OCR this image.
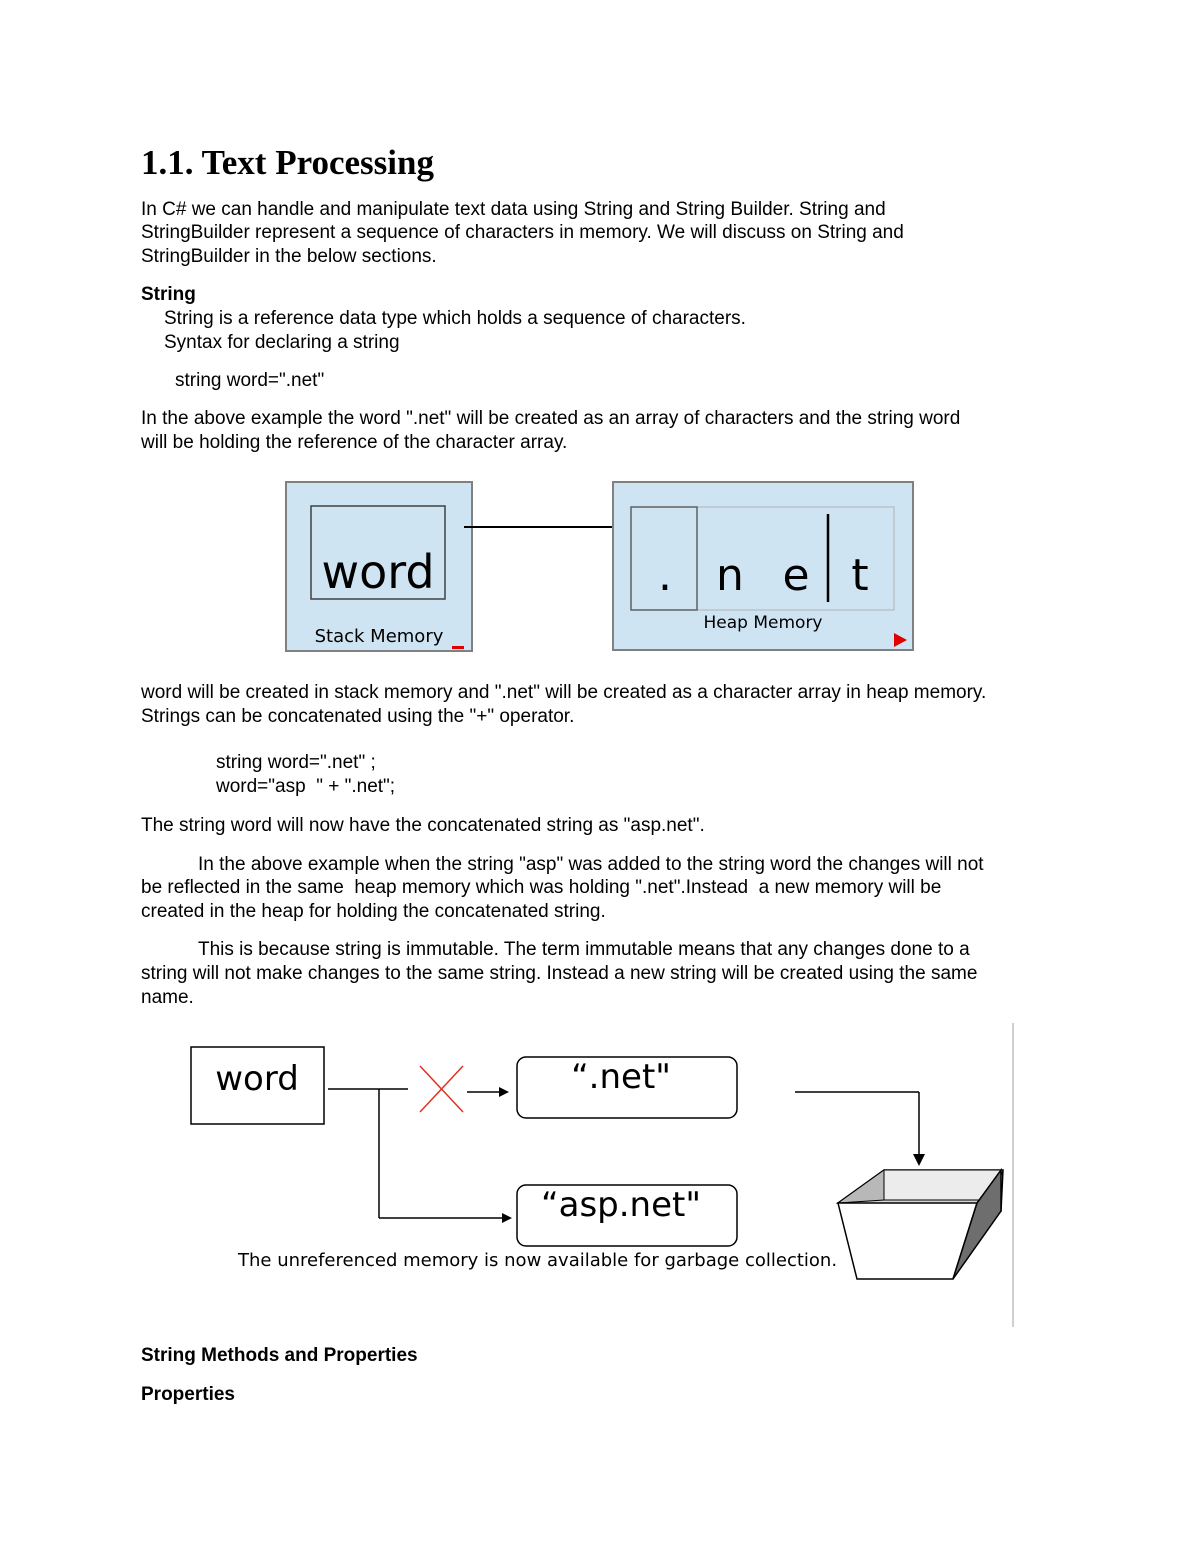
1.1. Text Processing
In C# we can handle and manipulate text data using String and String Builder. String and
StringBuilder represent a sequence of characters in memory. We will discuss on String and
StringBuilder in the below sections.
String
String is a reference data type which holds a sequence of characters.
Syntax for declaring a string
string word=".net"
In the above example the word ".net" will be created as an array of characters and the string word
will be holding the reference of the character array.
word
Stack Memory
. n e t
Heap Memory
word will be created in stack memory and ".net" will be created as a character array in heap memory.
Strings can be concatenated using the "+" operator.
string word=".net" ;
word="asp  " + ".net";
The string word will now have the concatenated string as "asp.net".
In the above example when the string "asp" was added to the string word the changes will not
be reflected in the same  heap memory which was holding ".net".Instead  a new memory will be
created in the heap for holding the concatenated string.
This is because string is immutable. The term immutable means that any changes done to a
string will not make changes to the same string. Instead a new string will be created using the same
name.
word	“.net"
“asp.net"
The unreferenced memory is now available for garbage collection.
String Methods and Properties
Properties
